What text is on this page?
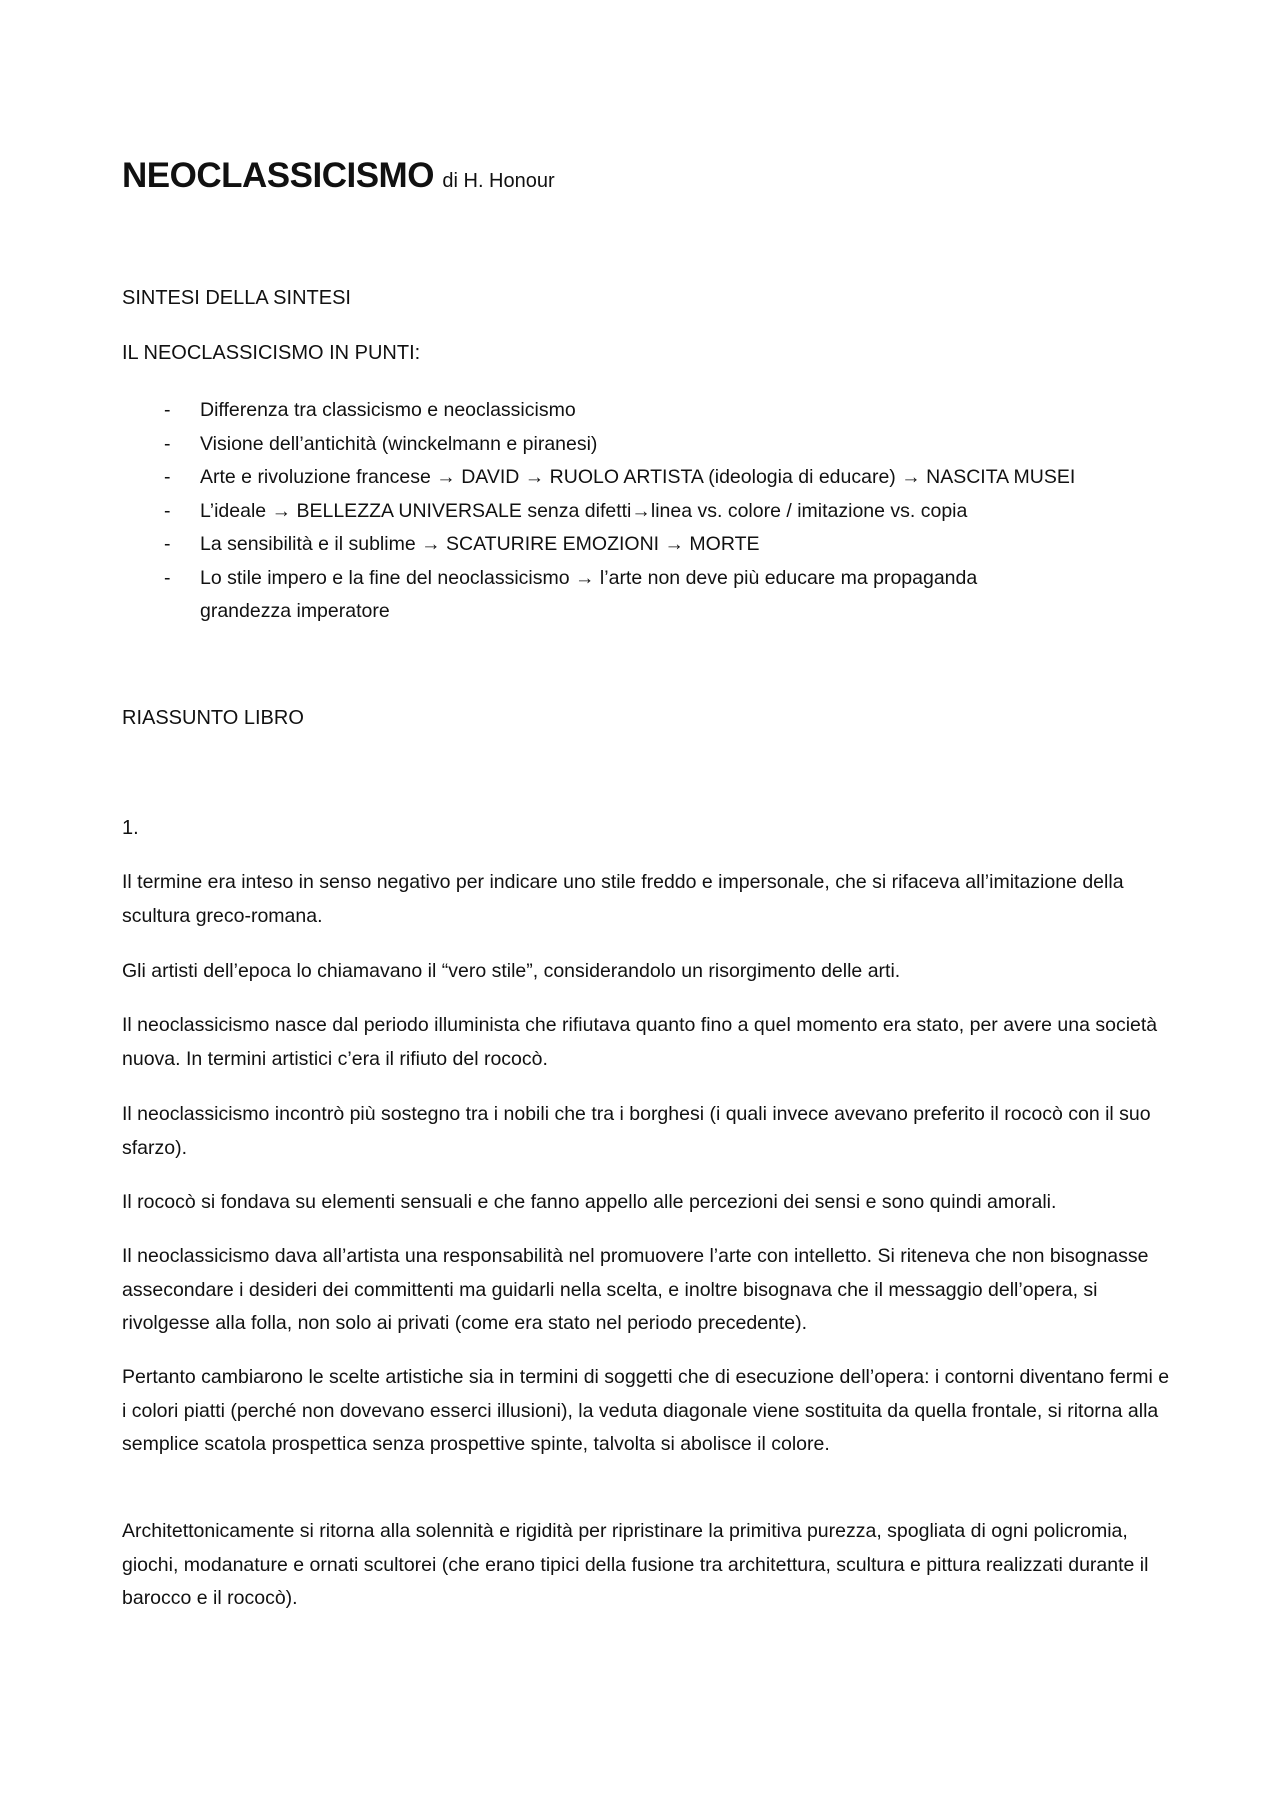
NEOCLASSICISMO di H. Honour
SINTESI DELLA SINTESI
IL NEOCLASSICISMO IN PUNTI:
- Differenza tra classicismo e neoclassicismo
- Visione dell’antichità (winckelmann e piranesi)
- Arte e rivoluzione francese → DAVID → RUOLO ARTISTA (ideologia di educare) → NASCITA MUSEI
- L’ideale → BELLEZZA UNIVERSALE senza difetti→linea vs. colore / imitazione vs. copia
- La sensibilità e il sublime → SCATURIRE EMOZIONI → MORTE
- Lo stile impero e la fine del neoclassicismo → l’arte non deve più educare ma propaganda grandezza imperatore
RIASSUNTO LIBRO
1.

Il termine era inteso in senso negativo per indicare uno stile freddo e impersonale, che si rifaceva all’imitazione della scultura greco-romana.

Gli artisti dell’epoca lo chiamavano il “vero stile”, considerandolo un risorgimento delle arti.

Il neoclassicismo nasce dal periodo illuminista che rifiutava quanto fino a quel momento era stato, per avere una società nuova. In termini artistici c’era il rifiuto del rococò.

Il neoclassicismo incontrò più sostegno tra i nobili che tra i borghesi (i quali invece avevano preferito il rococò con il suo sfarzo).

Il rococò si fondava su elementi sensuali e che fanno appello alle percezioni dei sensi e sono quindi amorali.

Il neoclassicismo dava all’artista una responsabilità nel promuovere l’arte con intelletto. Si riteneva che non bisognasse assecondare i desideri dei committenti ma guidarli nella scelta, e inoltre bisognava che il messaggio dell’opera, si rivolgesse alla folla, non solo ai privati (come era stato nel periodo precedente).

Pertanto cambiarono le scelte artistiche sia in termini di soggetti che di esecuzione dell’opera: i contorni diventano fermi e i colori piatti (perché non dovevano esserci illusioni), la veduta diagonale viene sostituita da quella frontale, si ritorna alla semplice scatola prospettica senza prospettive spinte, talvolta si abolisce il colore.

Architettonicamente si ritorna alla solennità e rigidità per ripristinare la primitiva purezza, spogliata di ogni policromia, giochi, modanature e ornati scultorei (che erano tipici della fusione tra architettura, scultura e pittura realizzati durante il barocco e il rococò).
